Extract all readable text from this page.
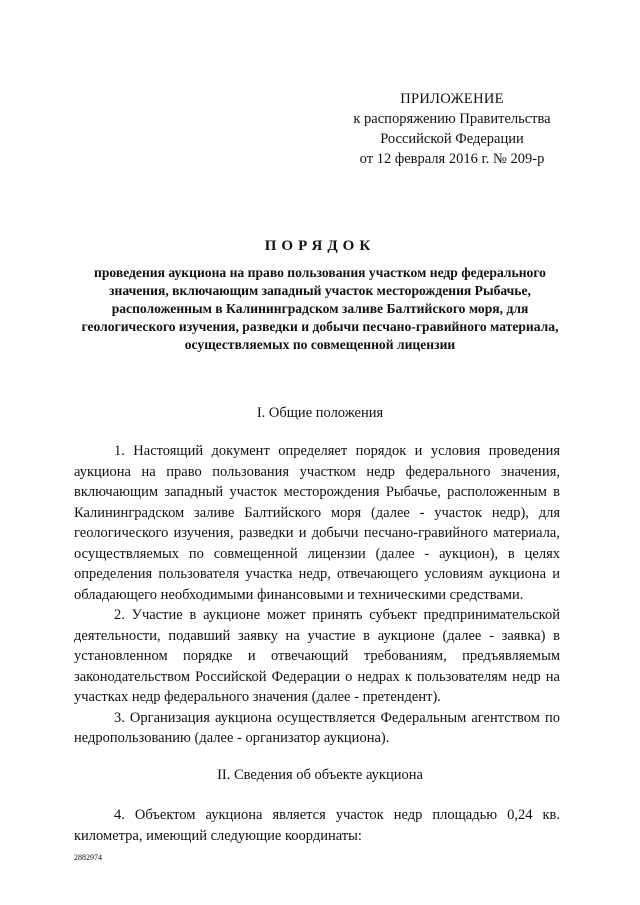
ПРИЛОЖЕНИЕ
к распоряжению Правительства
Российской Федерации
от 12 февраля 2016 г. № 209-р
ПОРЯДОК
проведения аукциона на право пользования участком недр федерального значения, включающим западный участок месторождения Рыбачье, расположенным в Калининградском заливе Балтийского моря, для геологического изучения, разведки и добычи песчано-гравийного материала, осуществляемых по совмещенной лицензии
I. Общие положения

1. Настоящий документ определяет порядок и условия проведения аукциона на право пользования участком недр федерального значения, включающим западный участок месторождения Рыбачье, расположенным в Калининградском заливе Балтийского моря (далее - участок недр), для геологического изучения, разведки и добычи песчано-гравийного материала, осуществляемых по совмещенной лицензии (далее - аукцион), в целях определения пользователя участка недр, отвечающего условиям аукциона и обладающего необходимыми финансовыми и техническими средствами.

2. Участие в аукционе может принять субъект предпринимательской деятельности, подавший заявку на участие в аукционе (далее - заявка) в установленном порядке и отвечающий требованиям, предъявляемым законодательством Российской Федерации о недрах к пользователям недр на участках недр федерального значения (далее - претендент).

3. Организация аукциона осуществляется Федеральным агентством по недропользованию (далее - организатор аукциона).

II. Сведения об объекте аукциона

4. Объектом аукциона является участок недр площадью 0,24 кв. километра, имеющий следующие координаты:

2882974
